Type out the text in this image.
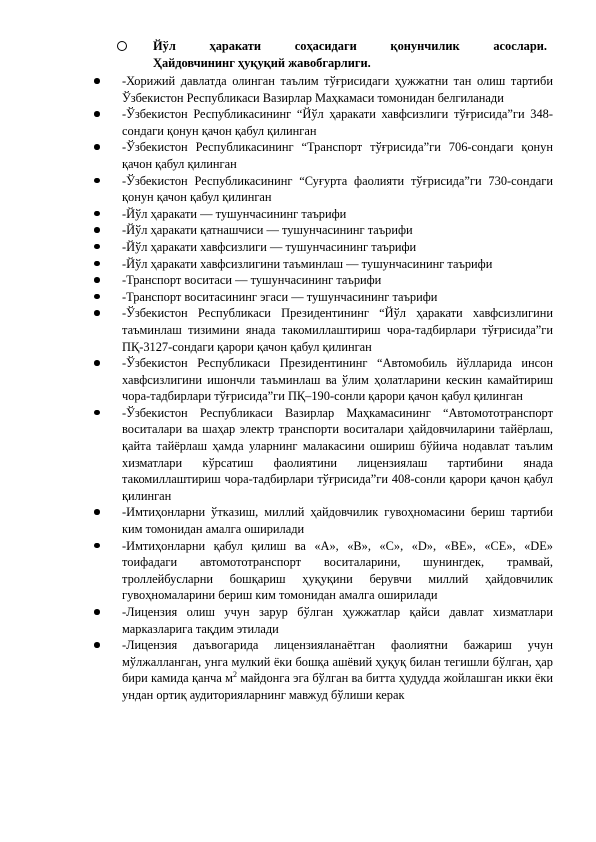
Йўл ҳаракати соҳасидаги қонунчилик асослари.
Ҳайдовчининг ҳуқуқий жавобгарлиги.
-Хорижий давлатда олинган таълим тўғрисидаги ҳужжатни тан олиш тартиби Ўзбекистон Республикаси Вазирлар Маҳкамаси томонидан белгиланади
-Ўзбекистон Республикасининг “Йўл ҳаракати хавфсизлиги тўғрисида”ги 348-сондаги қонун қачон қабул қилинган
-Ўзбекистон Республикасининг “Транспорт тўғрисида”ги 706-сондаги қонун қачон қабул қилинган
-Ўзбекистон Республикасининг “Суғурта фаолияти тўғрисида”ги 730-сондаги қонун қачон қабул қилинган
-Йўл ҳаракати — тушунчасининг таърифи
-Йўл ҳаракати қатнашчиси — тушунчасининг таърифи
-Йўл ҳаракати хавфсизлиги — тушунчасининг таърифи
-Йўл ҳаракати хавфсизлигини таъминлаш — тушунчасининг таърифи
-Транспорт воситаси — тушунчасининг таърифи
-Транспорт воситасининг эгаси — тушунчасининг таърифи
-Ўзбекистон Республикаси Президентининг “Йўл ҳаракати хавфсизлигини таъминлаш тизимини янада такомиллаштириш чора-тадбирлари тўғрисида”ги ПҚ-3127-сондаги қарори қачон қабул қилинган
-Ўзбекистон Республикаси Президентининг “Автомобиль йўлларида инсон хавфсизлигини ишончли таъминлаш ва ўлим ҳолатларини кескин камайтириш чора-тадбирлари тўғрисида”ги ПҚ–190-сонли қарори қачон қабул қилинган
-Ўзбекистон Республикаси Вазирлар Маҳкамасининг “Автомототранспорт воситалари ва шаҳар электр транспорти воситалари ҳайдовчиларини тайёрлаш, қайта тайёрлаш ҳамда уларнинг малакасини ошириш бўйича нодавлат таълим хизматлари кўрсатиш фаолиятини лицензиялаш тартибини янада такомиллаштириш чора-тадбирлари тўғрисида”ги 408-сонли қарори қачон қабул қилинган
-Имтиҳонларни ўтказиш, миллий ҳайдовчилик гувоҳномасини бериш тартиби ким томонидан амалга оширилади
-Имтиҳонларни қабул қилиш ва «А», «В», «С», «D», «ВЕ», «СЕ», «DE» тоифадаги автомототранспорт воситаларини, шунингдек, трамвай, троллейбусларни бошқариш ҳуқуқини берувчи миллий ҳайдовчилик гувоҳномаларини бериш ким томонидан амалга оширилади
-Лицензия олиш учун зарур бўлган ҳужжатлар қайси давлат хизматлари марказларига тақдим этилади
-Лицензия даъвогарида лицензияланаётган фаолиятни бажариш учун мўлжалланган, унга мулкий ёки бошқа ашёвий ҳуқуқ билан тегишли бўлган, ҳар бири камида қанча $м^2$ майдонга эга бўлган ва битта ҳудудда жойлашган икки ёки ундан ортиқ аудиторияларнинг мавжуд бўлиши керак
